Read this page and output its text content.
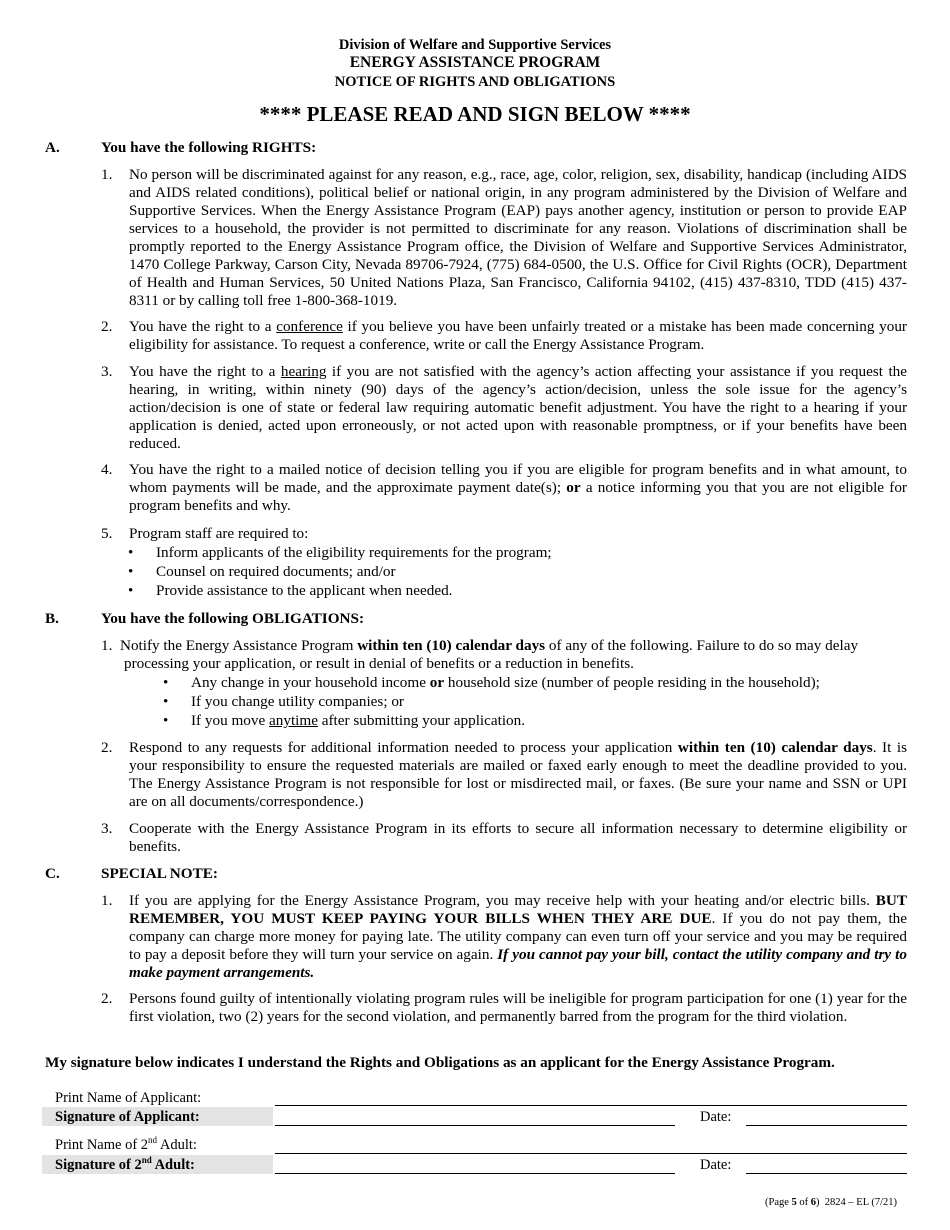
Division of Welfare and Supportive Services
ENERGY ASSISTANCE PROGRAM
NOTICE OF RIGHTS AND OBLIGATIONS
**** PLEASE READ AND SIGN BELOW ****
A.	You have the following RIGHTS:
1. No person will be discriminated against for any reason, e.g., race, age, color, religion, sex, disability, handicap (including AIDS and AIDS related conditions), political belief or national origin, in any program administered by the Division of Welfare and Supportive Services. When the Energy Assistance Program (EAP) pays another agency, institution or person to provide EAP services to a household, the provider is not permitted to discriminate for any reason. Violations of discrimination shall be promptly reported to the Energy Assistance Program office, the Division of Welfare and Supportive Services Administrator, 1470 College Parkway, Carson City, Nevada 89706-7924, (775) 684-0500, the U.S. Office for Civil Rights (OCR), Department of Health and Human Services, 50 United Nations Plaza, San Francisco, California 94102, (415) 437-8310, TDD (415) 437-8311 or by calling toll free 1-800-368-1019.
2. You have the right to a conference if you believe you have been unfairly treated or a mistake has been made concerning your eligibility for assistance. To request a conference, write or call the Energy Assistance Program.
3. You have the right to a hearing if you are not satisfied with the agency’s action affecting your assistance if you request the hearing, in writing, within ninety (90) days of the agency’s action/decision, unless the sole issue for the agency’s action/decision is one of state or federal law requiring automatic benefit adjustment. You have the right to a hearing if your application is denied, acted upon erroneously, or not acted upon with reasonable promptness, or if your benefits have been reduced.
4. You have the right to a mailed notice of decision telling you if you are eligible for program benefits and in what amount, to whom payments will be made, and the approximate payment date(s); or a notice informing you that you are not eligible for program benefits and why.
5. Program staff are required to:
• Inform applicants of the eligibility requirements for the program;
• Counsel on required documents; and/or
• Provide assistance to the applicant when needed.
B.	You have the following OBLIGATIONS:
1. Notify the Energy Assistance Program within ten (10) calendar days of any of the following. Failure to do so may delay
processing your application, or result in denial of benefits or a reduction in benefits.
• Any change in your household income or household size (number of people residing in the household);
• If you change utility companies; or
• If you move anytime after submitting your application.
2. Respond to any requests for additional information needed to process your application within ten (10) calendar days. It is your responsibility to ensure the requested materials are mailed or faxed early enough to meet the deadline provided to you. The Energy Assistance Program is not responsible for lost or misdirected mail, or faxes. (Be sure your name and SSN or UPI are on all documents/correspondence.)
3. Cooperate with the Energy Assistance Program in its efforts to secure all information necessary to determine eligibility or benefits.
C.	SPECIAL NOTE:
1. If you are applying for the Energy Assistance Program, you may receive help with your heating and/or electric bills. BUT REMEMBER, YOU MUST KEEP PAYING YOUR BILLS WHEN THEY ARE DUE. If you do not pay them, the company can charge more money for paying late. The utility company can even turn off your service and you may be required to pay a deposit before they will turn your service on again. If you cannot pay your bill, contact the utility company and try to make payment arrangements.
2. Persons found guilty of intentionally violating program rules will be ineligible for program participation for one (1) year for the first violation, two (2) years for the second violation, and permanently barred from the program for the third violation.
My signature below indicates I understand the Rights and Obligations as an applicant for the Energy Assistance Program.
Print Name of Applicant:
Signature of Applicant:	Date:
Print Name of 2nd Adult:
Signature of 2nd Adult:	Date:
(Page 5 of 6) 2824 – EL (7/21)
